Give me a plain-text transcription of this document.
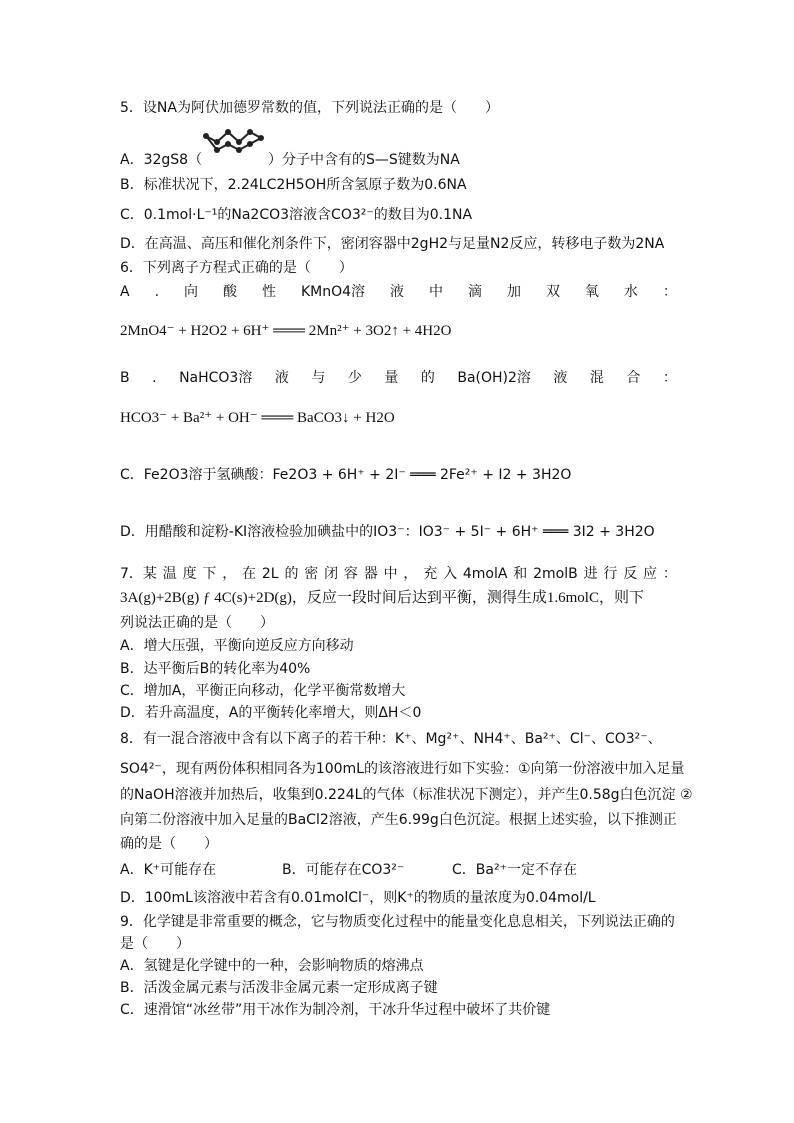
5．设NA为阿伏加德罗常数的值，下列说法正确的是（　　）
A．32gS8（	）分子中含有的S—S键数为NA
B．标准状况下，2.24LC2H5OH所含氢原子数为0.6NA
C．0.1mol·L⁻¹的Na2CO3溶液含CO3²⁻的数目为0.1NA
D．在高温、高压和催化剂条件下，密闭容器中2gH2与足量N2反应，转移电子数为2NA
6．下列离子方程式正确的是（　　）
A . 向 酸 性 KMnO4溶 液 中 滴 加 双 氧 水 ：
2MnO4⁻ + H2O2 + 6H⁺ ═══ 2Mn²⁺ + 3O2↑ + 4H2O
B . NaHCO3溶 液 与 少 量 的 Ba(OH)2溶 液 混 合 ：
HCO3⁻ + Ba²⁺ + OH⁻ ═══ BaCO3↓ + H2O
C．Fe2O3溶于氢碘酸：Fe2O3 + 6H⁺ + 2I⁻ ═══ 2Fe²⁺ + I2 + 3H2O
D．用醋酸和淀粉-KI溶液检验加碘盐中的IO3⁻：IO3⁻ + 5I⁻ + 6H⁺ ═══ 3I2 + 3H2O
7．某 温 度 下 ， 在 2L 的 密 闭 容 器 中 ， 充 入 4molA 和 2molB 进 行 反 应 ：
3A(g)+2B(g) ƒ 4C(s)+2D(g)，反应一段时间后达到平衡，测得生成1.6molC，则下
列说法正确的是（　　）
A．增大压强，平衡向逆反应方向移动
B．达平衡后B的转化率为40%
C．增加A，平衡正向移动，化学平衡常数增大
D．若升高温度，A的平衡转化率增大，则ΔH＜0
8．有一混合溶液中含有以下离子的若干种：K⁺、Mg²⁺、NH4⁺、Ba²⁺、Cl⁻、CO3²⁻、
SO4²⁻，现有两份体积相同各为100mL的该溶液进行如下实验：①向第一份溶液中加入足量
的NaOH溶液并加热后，收集到0.224L的气体（标准状况下测定），并产生0.58g白色沉淀 ②
向第二份溶液中加入足量的BaCl2溶液，产生6.99g白色沉淀。根据上述实验，以下推测正
确的是（　　）
A．K⁺可能存在	B．可能存在CO3²⁻	C．Ba²⁺一定不存在
D．100mL该溶液中若含有0.01molCl⁻，则K⁺的物质的量浓度为0.04mol/L
9．化学键是非常重要的概念，它与物质变化过程中的能量变化息息相关，下列说法正确的
是（　　）
A．氢键是化学键中的一种，会影响物质的熔沸点
B．活泼金属元素与活泼非金属元素一定形成离子键
C．速滑馆“冰丝带”用干冰作为制冷剂，干冰升华过程中破坏了共价键
